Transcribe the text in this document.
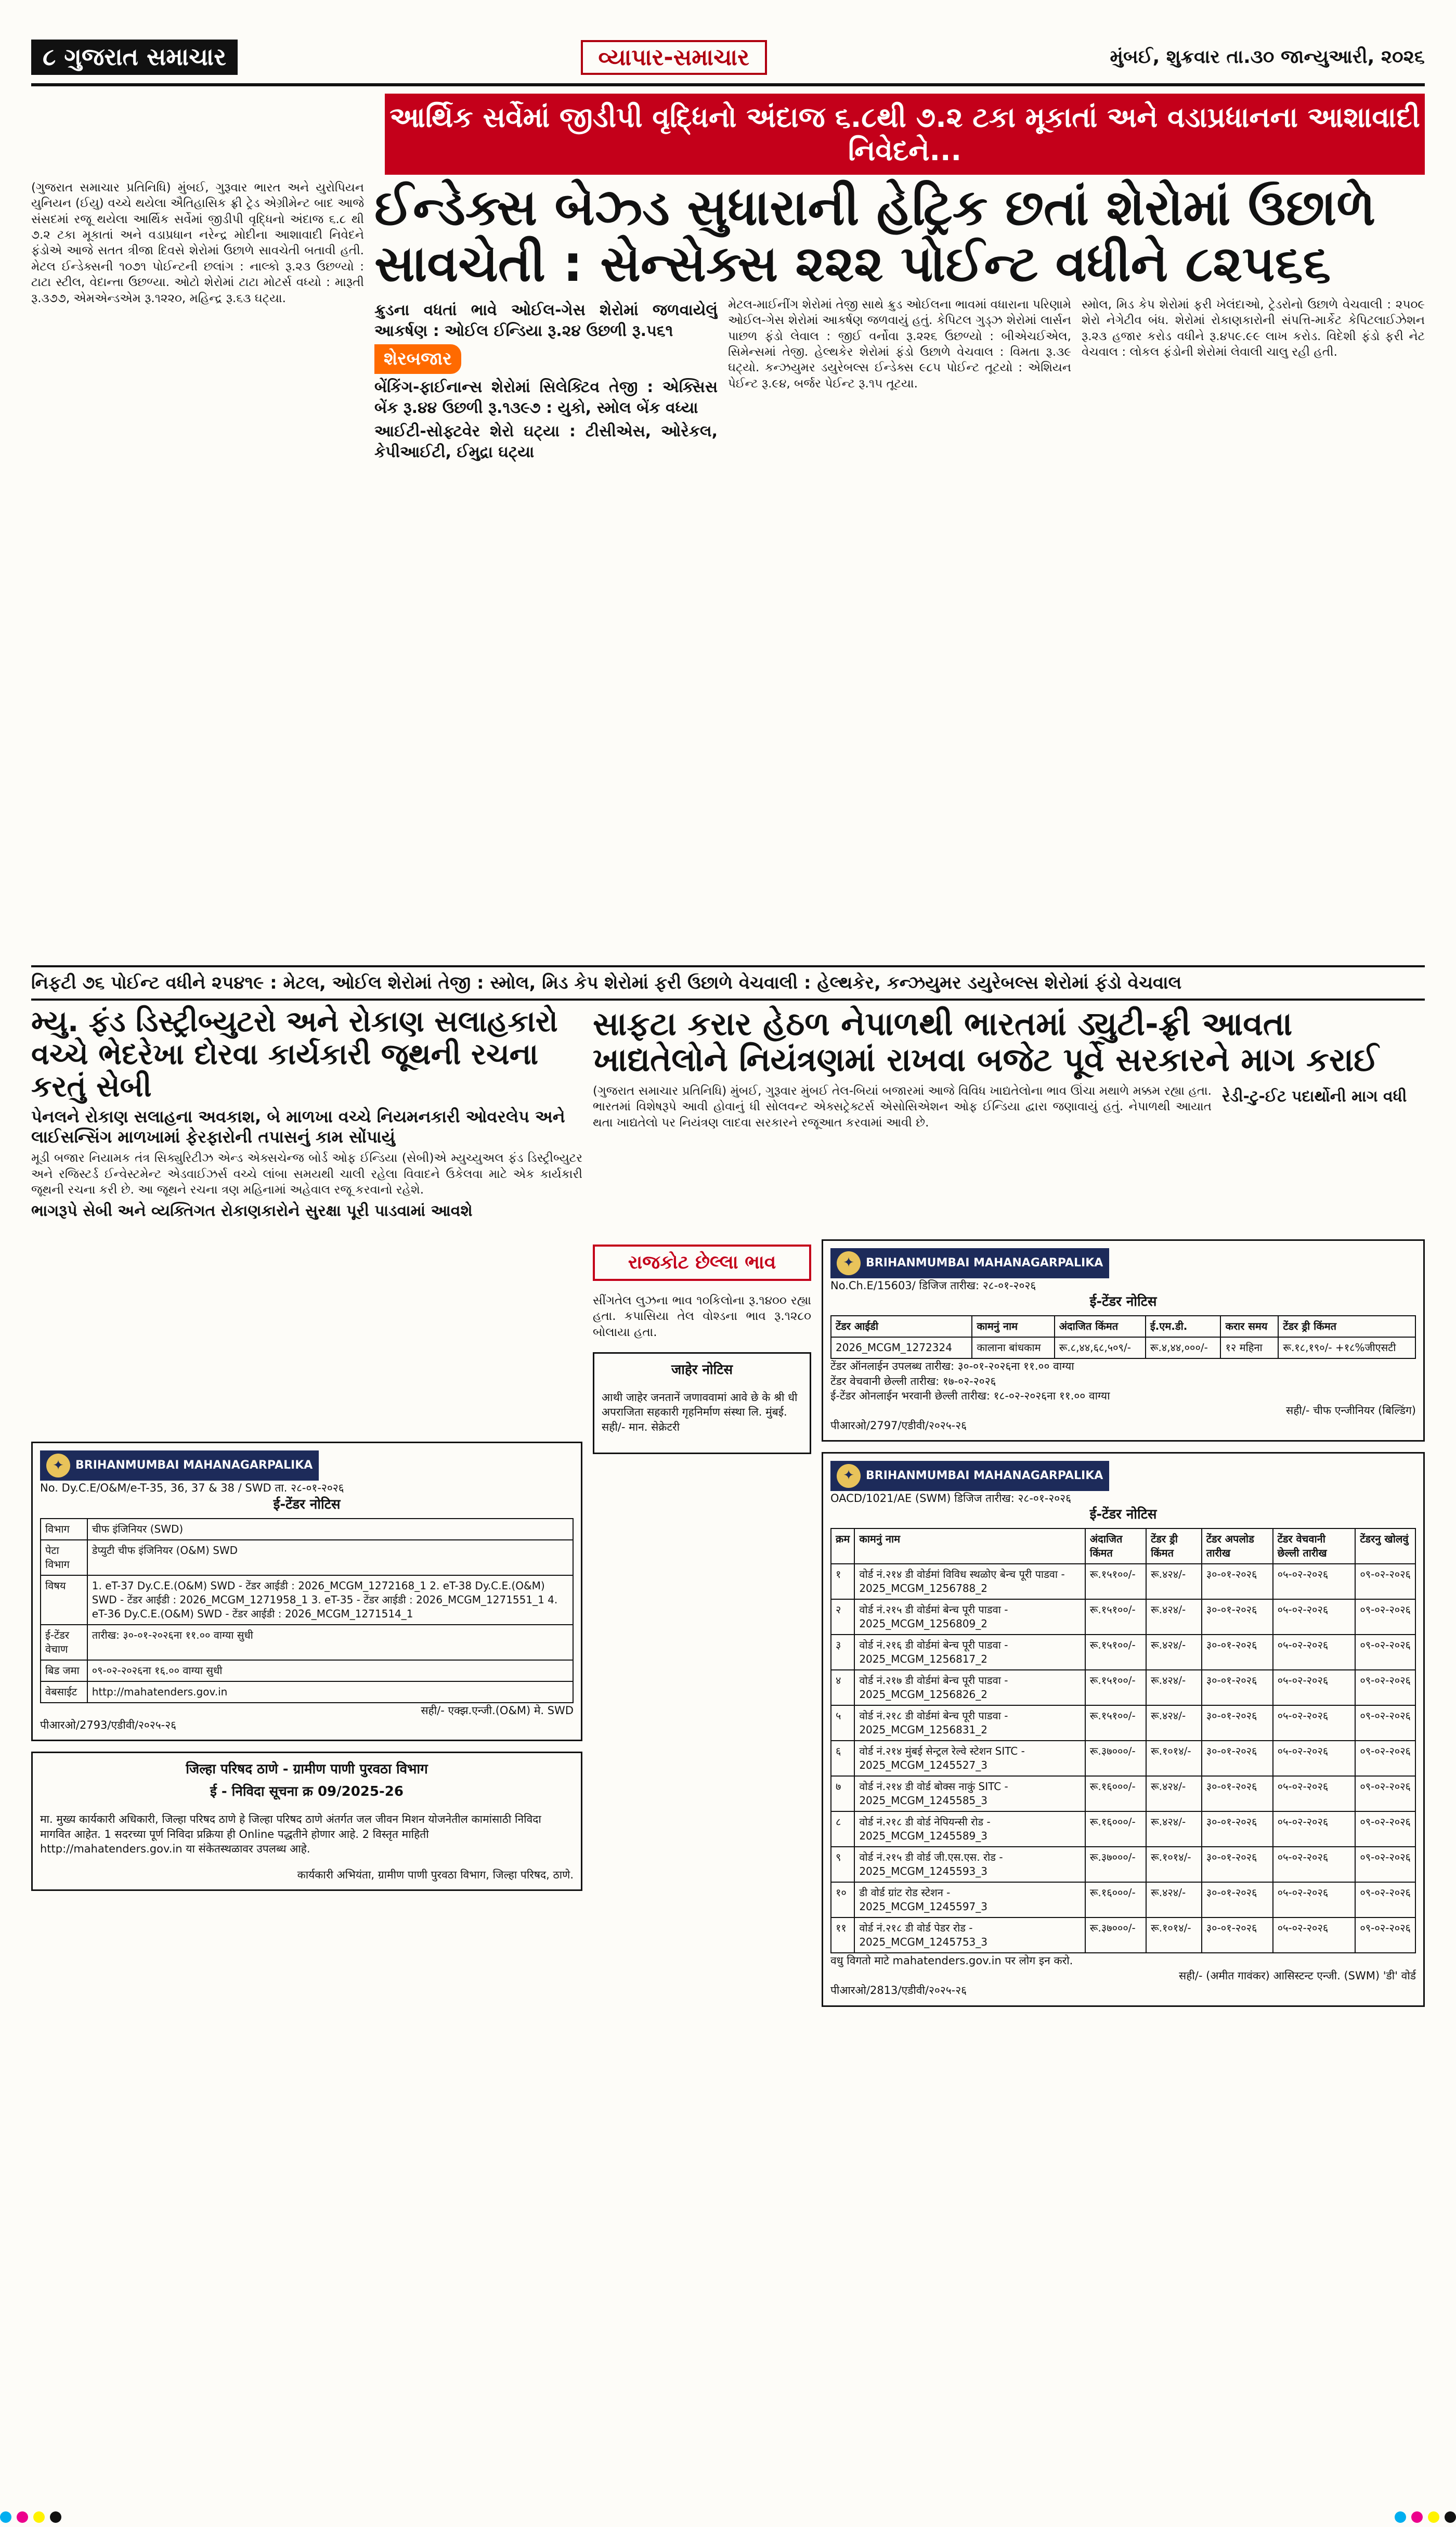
૮ ગુજરાત સમાચાર	વ્યાપાર-સમાચાર	મુંબઈ, શુક્રવાર તા.૩૦ જાન્યુઆરી, ૨૦૨૬
આર્થિક સર્વેમાં જીડીપી વૃદ્ધિનો અંદાજ ૬.૮થી ૭.૨ ટકા મૂકાતાં અને વડાપ્રધાનના આશાવાદી નિવેદને...

(ગુજરાત સમાચાર પ્રતિનિધિ) મુંબઈ, ગુરૂવાર ભારત અને યુરોપિયન યુનિયન (ઈયુ) વચ્ચે થયેલા ઐતિહાસિક ફ્રી ટ્રેડ એગ્રીમેન્ટ બાદ આજે સંસદમાં રજૂ થયેલા આર્થિક સર્વેમાં જીડીપી વૃદ્ધિનો અંદાજ ૬.૮ થી ૭.૨ ટકા મૂકાતાં અને વડાપ્રધાન નરેન્દ્ર મોદીના આશાવાદી નિવેદને ફંડોએ આજે સતત ત્રીજા દિવસે શેરોમાં ઉછાળે સાવચેતી બતાવી હતી. મેટલ ઈન્ડેક્સની ૧૦૭૧ પોઈન્ટની છલાંગ : નાલ્કો રૂ.૨૩ ઉછળ્યો : ટાટા સ્ટીલ, વેદાન્તા ઉછળ્યા. ઓટો શેરોમાં ટાટા મોટર્સ વધ્યો : મારૂતી રૂ.૩૭૭, એમએન્ડએમ રૂ.૧૨૨૦, મહિન્દ્ર રૂ.૬૩ ઘટ્યા.

ઈન્ડેક્સ બેઝ્ડ સુધારાની હેટ્રિક છતાં શેરોમાં ઉછાળે
સાવચેતી : સેન્સેક્સ ૨૨૨ પોઈન્ટ વધીને ૮૨૫૬૬
ક્રુડના વધતાં ભાવે ઓઈલ-ગેસ શેરોમાં જળવાયેલું આકર્ષણ : ઓઈલ ઈન્ડિયા રૂ.૨૪ ઉછળી રૂ.૫૬૧
શેરબજાર
બેંકિંગ-ફાઈનાન્સ શેરોમાં સિલેક્ટિવ તેજી : એક્સિસ બેંક રૂ.૪૪ ઉછળી રૂ.૧૩૯૭ : યુકો, સ્મોલ બેંક વધ્યા
આઈટી-સોફ્ટવેર શેરો ઘટ્યા : ટીસીએસ, ઓરેકલ, કેપીઆઈટી, ઈમુદ્રા ઘટ્યા

મેટલ-માઈનીંગ શેરોમાં તેજી સાથે ક્રુડ ઓઈલના ભાવમાં વધારાના પરિણામે ઓઈલ-ગેસ શેરોમાં આકર્ષણ જળવાયું હતું. કેપિટલ ગુડ્ઝ શેરોમાં લાર્સન પાછળ ફંડો લેવાલ : જીઈ વર્નોવા રૂ.૨૨૬ ઉછળ્યો : બીએચઈએલ, સિમેન્સમાં તેજી. હેલ્થકેર શેરોમાં ફંડો ઉછાળે વેચવાલ : વિમતા રૂ.૩૯ ઘટ્યો. કન્ઝયુમર ડયુરેબલ્સ ઈન્ડેક્સ ૯૮૫ પોઈન્ટ તૂટયો : એશિયન પેઈન્ટ રૂ.૯૪, બર્જર પેઈન્ટ રૂ.૧૫ તૂટયા.

સ્મોલ, મિડ કેપ શેરોમાં ફરી ખેલંદાઓ, ટ્રેડરોનો ઉછાળે વેચવાલી : ૨૫૦૯ શેરો નેગેટીવ બંધ. શેરોમાં રોકાણકારોની સંપત્તિ-માર્કેટ કેપિટલાઈઝેશન રૂ.૨૩ હજાર કરોડ વધીને રૂ.૪૫૯.૯૯ લાખ કરોડ. વિદેશી ફંડો ફરી નેટ વેચવાલ : લોકલ ફંડોની શેરોમાં લેવાલી ચાલુ રહી હતી.

નિફટી ૭૬ પોઈન્ટ વધીને ૨૫૪૧૯ : મેટલ, ઓઈલ શેરોમાં તેજી : સ્મોલ, મિડ કેપ શેરોમાં ફરી ઉછાળે વેચવાલી : હેલ્થકેર, કન્ઝયુમર ડયુરેબલ્સ શેરોમાં ફંડો વેચવાલ
મ્યુ. ફંડ ડિસ્ટ્રીબ્યુટરો અને રોકાણ સલાહકારો વચ્ચે ભેદરેખા દોરવા કાર્યકારી જૂથની રચના કરતું સેબી
પેનલને રોકાણ સલાહના અવકાશ, બે માળખા વચ્ચે નિયમનકારી ઓવરલેપ અને લાઈસન્સિંગ માળખામાં ફેરફારોની તપાસનું કામ સોંપાયું

મૂડી બજાર નિયામક તંત્ર સિક્યુરિટીઝ એન્ડ એક્સચેન્જ બોર્ડ ઓફ ઈન્ડિયા (સેબી)એ મ્યુચ્યુઅલ ફંડ ડિસ્ટ્રીબ્યુટર અને રજિસ્ટર્ડ ઈન્વેસ્ટમેન્ટ એડવાઈઝર્સ વચ્ચે લાંબા સમયથી ચાલી રહેલા વિવાદને ઉકેલવા માટે એક કાર્યકારી જૂથની રચના કરી છે. આ જૂથને રચના ત્રણ મહિનામાં અહેવાલ રજૂ કરવાનો રહેશે.

ભાગરૂપે સેબી અને વ્યક્તિગત રોકાણકારોને સુરક્ષા પૂરી પાડવામાં આવશે
✦	BRIHANMUMBAI MAHANAGARPALIKA
No. Dy.C.E/O&M/e-T-35, 36, 37 & 38 / SWD ता. २८-०१-२०२६
ई-टेंडर नोटिस
विभाग	चीफ इंजिनियर (SWD)
पेटा विभाग	डेप्युटी चीफ इंजिनियर (O&M) SWD
विषय	1. eT-37 Dy.C.E.(O&M) SWD - टेंडर आईडी : 2026_MCGM_1272168_1 2. eT-38 Dy.C.E.(O&M) SWD - टेंडर आईडी : 2026_MCGM_1271958_1 3. eT-35 - टेंडर आईडी : 2026_MCGM_1271551_1 4. eT-36 Dy.C.E.(O&M) SWD - टेंडर आईडी : 2026_MCGM_1271514_1
ई-टेंडर वेचाण	तारीख: ३०-०१-२०२६ना ११.०० वाग्या सुधी
बिड जमा	०९-०२-२०२६ना १६.०० वाग्या सुधी
वेबसाईट	http://mahatenders.gov.in
सही/- एक्झ.एन्जी.(O&M) मे. SWD
पीआरओ/2793/एडीवी/२०२५-२६
जिल्हा परिषद ठाणे - ग्रामीण पाणी पुरवठा विभाग
ई - निविदा सूचना क्र 09/2025-26

मा. मुख्य कार्यकारी अधिकारी, जिल्हा परिषद ठाणे हे जिल्हा परिषद ठाणे अंतर्गत जल जीवन मिशन योजनेतील कामांसाठी निविदा मागवित आहेत. 1 सदरच्या पूर्ण निविदा प्रक्रिया ही Online पद्धतीने होणार आहे. 2 विस्तृत माहिती http://mahatenders.gov.in या संकेतस्थळावर उपलब्ध आहे.

कार्यकारी अभियंता, ग्रामीण पाणी पुरवठा विभाग, जिल्हा परिषद, ठाणे.
સાફટા કરાર હેઠળ નેપાળથી ભારતમાં ડ્યુટી-ફ્રી આવતા ખાદ્યતેલોને નિયંત્રણમાં રાખવા બજેટ પૂર્વે સરકારને માગ કરાઈ

(ગુજરાત સમાચાર પ્રતિનિધિ) મુંબઈ, ગુરૂવાર મુંબઈ તેલ-બિયાં બજારમાં આજે વિવિધ ખાદ્યતેલોના ભાવ ઊંચા મથાળે મક્કમ રહ્યા હતા. ભારતમાં વિશેષરૂપે આવી હોવાનું ધી સોલવન્ટ એક્સટ્રેક્ટર્સ એસોસિએશન ઓફ ઈન્ડિયા દ્વારા જણાવાયું હતું. નેપાળથી આયાત થતા ખાદ્યતેલો પર નિયંત્રણ લાદવા સરકારને રજૂઆત કરવામાં આવી છે.

રેડી-ટુ-ઈટ પદાર્થોની માગ વધી
રાજકોટ છેલ્લા ભાવ

સીંગતેલ લુઝના ભાવ ૧૦કિલોના રૂ.૧૪૦૦ રહ્યા હતા. કપાસિયા તેલ વોશ્ડના ભાવ રૂ.૧૨૮૦ બોલાયા હતા.

जाहेर नोटिस

आथी जाहेर जनतानें जणाववामां आवे छे के श्री धी अपराजिता सहकारी गृहनिर्माण संस्था लि. मुंबई. सही/- मान. सेक्रेटरी

✦	BRIHANMUMBAI MAHANAGARPALIKA
No.Ch.E/15603/ डिजिज तारीख: २८-०१-२०२६
ई-टेंडर नोटिस
टेंडर आईडी	कामनुं नाम	अंदाजित किंमत	ई.एम.डी.	करार समय	टेंडर ड्री किंमत
2026_MCGM_1272324	कालाना बांधकाम	रू.८,४४,६८,५०९/-	रू.४,४४,०००/-	१२ महिना	रू.१८,१९०/- +१८%जीएसटी
टेंडर ऑनलाईन उपलब्ध तारीख: ३०-०१-२०२६ना ११.०० वाग्या
टेंडर वेचवानी छेल्ली तारीख: १७-०२-२०२६
ई-टेंडर ओनलाईन भरवानी छेल्ली तारीख: १८-०२-२०२६ना ११.०० वाग्या
सही/- चीफ एन्जीनियर (बिल्डिंग)
पीआरओ/2797/एडीवी/२०२५-२६
✦	BRIHANMUMBAI MAHANAGARPALIKA
OACD/1021/AE (SWM) डिजिज तारीख: २८-०१-२०२६
ई-टेंडर नोटिस
क्रम	कामनुं नाम	अंदाजित किंमत	टेंडर ड्री किंमत	टेंडर अपलोड तारीख	टेंडर वेचवानी छेल्ली तारीख	टेंडरनु खोलवुं
१	वोर्ड नं.२१४ डी वोर्डमां विविध स्थळोए बेन्च पूरी पाडवा - 2025_MCGM_1256788_2	रू.१५१००/-	रू.४२४/-	३०-०१-२०२६	०५-०२-२०२६	०९-०२-२०२६
२	वोर्ड नं.२१५ डी वोर्डमां बेन्च पूरी पाडवा - 2025_MCGM_1256809_2	रू.१५१००/-	रू.४२४/-	३०-०१-२०२६	०५-०२-२०२६	०९-०२-२०२६
३	वोर्ड नं.२१६ डी वोर्डमां बेन्च पूरी पाडवा - 2025_MCGM_1256817_2	रू.१५१००/-	रू.४२४/-	३०-०१-२०२६	०५-०२-२०२६	०९-०२-२०२६
४	वोर्ड नं.२१७ डी वोर्डमां बेन्च पूरी पाडवा - 2025_MCGM_1256826_2	रू.१५१००/-	रू.४२४/-	३०-०१-२०२६	०५-०२-२०२६	०९-०२-२०२६
५	वोर्ड नं.२१८ डी वोर्डमां बेन्च पूरी पाडवा - 2025_MCGM_1256831_2	रू.१५१००/-	रू.४२४/-	३०-०१-२०२६	०५-०२-२०२६	०९-०२-२०२६
६	वोर्ड नं.२१४ मुंबई सेन्ट्रल रेल्वे स्टेशन SITC - 2025_MCGM_1245527_3	रू.३७०००/-	रू.१०१४/-	३०-०१-२०२६	०५-०२-२०२६	०९-०२-२०२६
७	वोर्ड नं.२१४ डी वोर्ड बोक्स नाकुं SITC - 2025_MCGM_1245585_3	रू.१६०००/-	रू.४२४/-	३०-०१-२०२६	०५-०२-२०२६	०९-०२-२०२६
८	वोर्ड नं.२१८ डी वोर्ड नेपियन्सी रोड - 2025_MCGM_1245589_3	रू.१६०००/-	रू.४२४/-	३०-०१-२०२६	०५-०२-२०२६	०९-०२-२०२६
९	वोर्ड नं.२१५ डी वोर्ड जी.एस.एस. रोड - 2025_MCGM_1245593_3	रू.३७०००/-	रू.१०१४/-	३०-०१-२०२६	०५-०२-२०२६	०९-०२-२०२६
१०	डी वोर्ड ग्रांट रोड स्टेशन - 2025_MCGM_1245597_3	रू.१६०००/-	रू.४२४/-	३०-०१-२०२६	०५-०२-२०२६	०९-०२-२०२६
११	वोर्ड नं.२१८ डी वोर्ड पेडर रोड - 2025_MCGM_1245753_3	रू.३७०००/-	रू.१०१४/-	३०-०१-२०२६	०५-०२-२०२६	०९-०२-२०२६
वधु विगतो माटे mahatenders.gov.in पर लोग इन करो.
सही/- (अमीत गावंकर) आसिस्टन्ट एन्जी. (SWM) 'डी' वोर्ड
पीआरओ/2813/एडीवी/२०२५-२६
